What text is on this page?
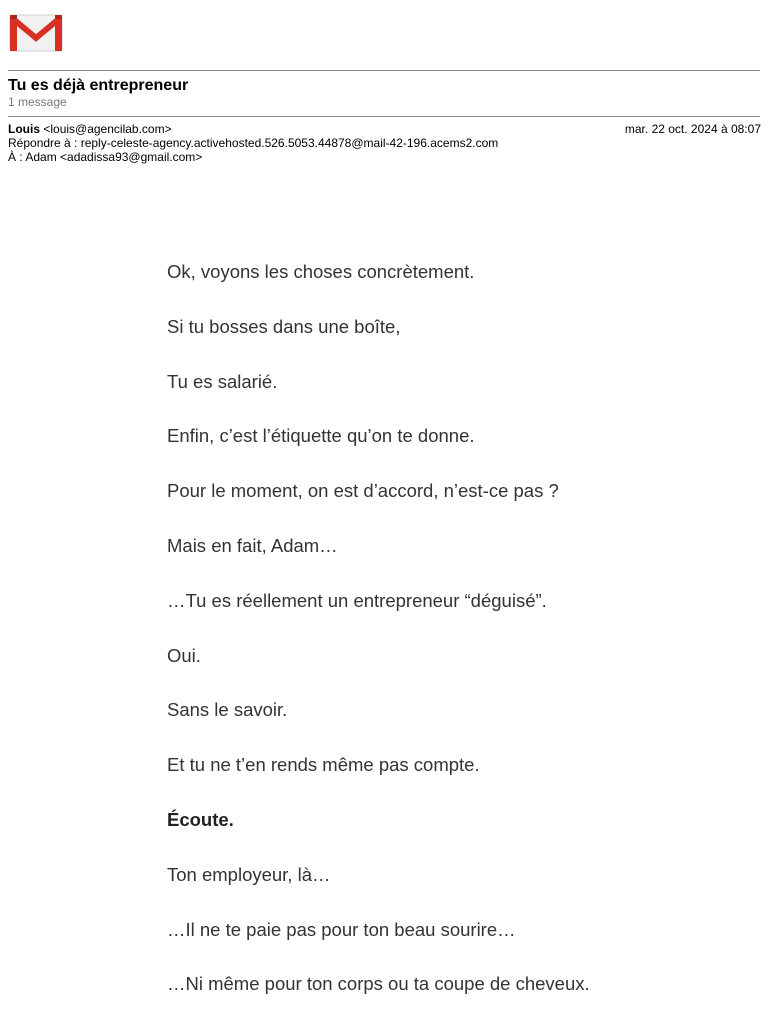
Tu es déjà entrepreneur
1 message
Louis <louis@agencilab.com>	mar. 22 oct. 2024 à 08:07
Répondre à : reply-celeste-agency.activehosted.526.5053.44878@mail-42-196.acems2.com
À : Adam <adadissa93@gmail.com>

Ok, voyons les choses concrètement.

Si tu bosses dans une boîte,

Tu es salarié.

Enfin, c’est l’étiquette qu’on te donne.

Pour le moment, on est d’accord, n’est-ce pas ?

Mais en fait, Adam…

…Tu es réellement un entrepreneur “déguisé”.

Oui.

Sans le savoir.

Et tu ne t’en rends même pas compte.

Écoute.

Ton employeur, là…

…Il ne te paie pas pour ton beau sourire…

…Ni même pour ton corps ou ta coupe de cheveux.
